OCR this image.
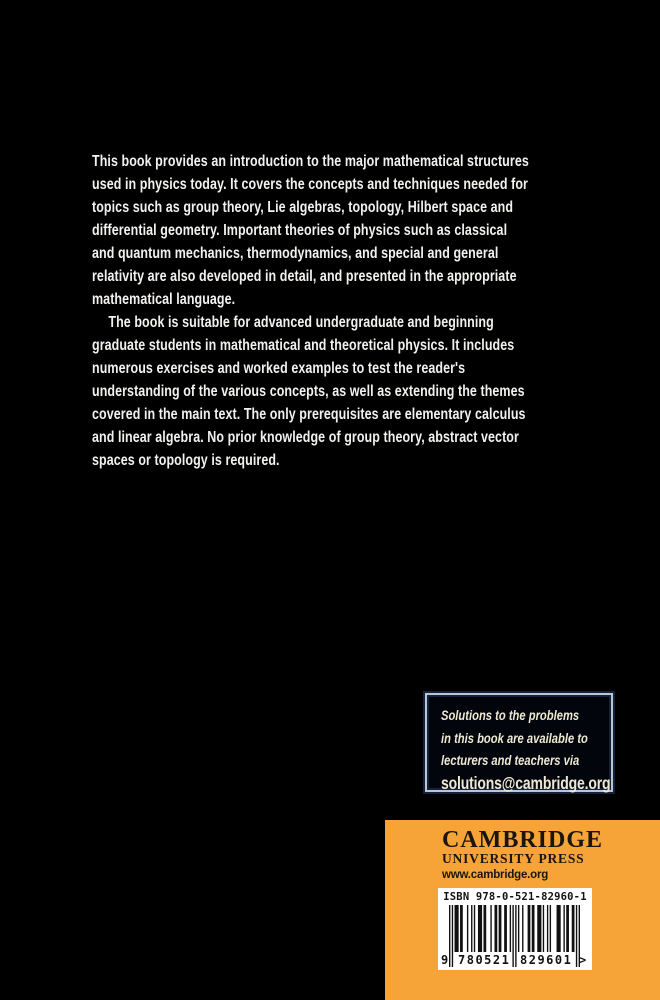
This book provides an introduction to the major mathematical structures
used in physics today. It covers the concepts and techniques needed for
topics such as group theory, Lie algebras, topology, Hilbert space and
differential geometry. Important theories of physics such as classical
and quantum mechanics, thermodynamics, and special and general
relativity are also developed in detail, and presented in the appropriate
mathematical language.
The book is suitable for advanced undergraduate and beginning
graduate students in mathematical and theoretical physics. It includes
numerous exercises and worked examples to test the reader's
understanding of the various concepts, as well as extending the themes
covered in the main text. The only prerequisites are elementary calculus
and linear algebra. No prior knowledge of group theory, abstract vector
spaces or topology is required.
Solutions to the problems
in this book are available to
lecturers and teachers via
solutions@cambridge.org
CAMBRIDGE
UNIVERSITY PRESS
www.cambridge.org
ISBN 978-0-521-82960-1
9 780521 829601 >
